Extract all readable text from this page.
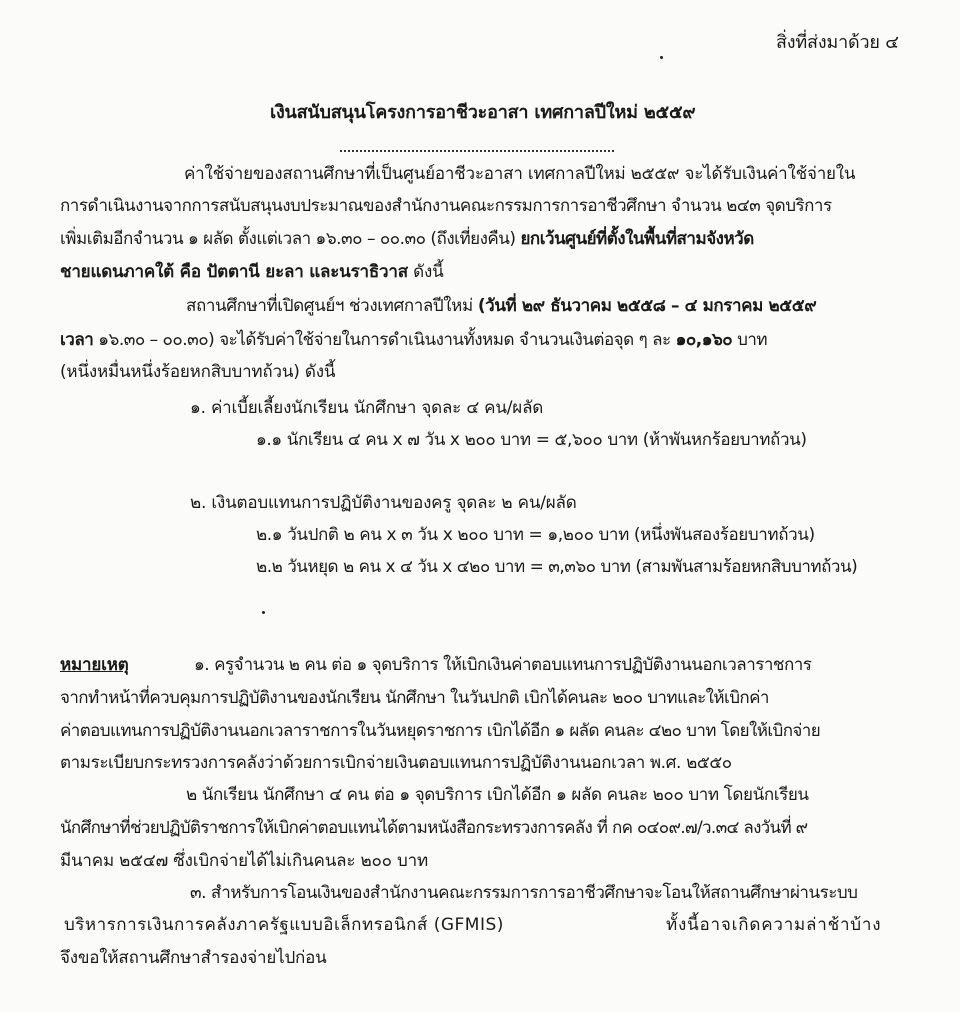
สิ่งที่ส่งมาด้วย ๔
เงินสนับสนุนโครงการอาชีวะอาสา เทศกาลปีใหม่ ๒๕๕๙
ค่าใช้จ่ายของสถานศึกษาที่เป็นศูนย์อาชีวะอาสา เทศกาลปีใหม่ ๒๕๕๙ จะได้รับเงินค่าใช้จ่ายใน
การดำเนินงานจากการสนับสนุนงบประมาณของสำนักงานคณะกรรมการการอาชีวศึกษา จำนวน ๒๔๓ จุดบริการ
เพิ่มเติมอีกจำนวน ๑ ผลัด ตั้งแต่เวลา ๑๖.๓๐ – ๐๐.๓๐ (ถึงเที่ยงคืน) ยกเว้นศูนย์ที่ตั้งในพื้นที่สามจังหวัด
ชายแดนภาคใต้ คือ ปัตตานี ยะลา และนราธิวาส ดังนี้
สถานศึกษาที่เปิดศูนย์ฯ ช่วงเทศกาลปีใหม่ (วันที่ ๒๙ ธันวาคม ๒๕๕๘ – ๔ มกราคม ๒๕๕๙
เวลา ๑๖.๓๐ – ๐๐.๓๐) จะได้รับค่าใช้จ่ายในการดำเนินงานทั้งหมด จำนวนเงินต่อจุด ๆ ละ ๑๐,๑๖๐ บาท
(หนึ่งหมื่นหนึ่งร้อยหกสิบบาทถ้วน) ดังนี้
๑. ค่าเบี้ยเลี้ยงนักเรียน นักศึกษา จุดละ ๔ คน/ผลัด
๑.๑ นักเรียน ๔ คน x ๗ วัน x ๒๐๐ บาท = ๕,๖๐๐ บาท (ห้าพันหกร้อยบาทถ้วน)
๒. เงินตอบแทนการปฏิบัติงานของครู จุดละ ๒ คน/ผลัด
๒.๑ วันปกติ ๒ คน x ๓ วัน x ๒๐๐ บาท = ๑,๒๐๐ บาท (หนึ่งพันสองร้อยบาทถ้วน)
๒.๒ วันหยุด ๒ คน x ๔ วัน x ๔๒๐ บาท = ๓,๓๖๐ บาท (สามพันสามร้อยหกสิบบาทถ้วน)
หมายเหตุ	๑. ครูจำนวน ๒ คน ต่อ ๑ จุดบริการ ให้เบิกเงินค่าตอบแทนการปฏิบัติงานนอกเวลาราชการ
จากทำหน้าที่ควบคุมการปฏิบัติงานของนักเรียน นักศึกษา ในวันปกติ เบิกได้คนละ ๒๐๐ บาทและให้เบิกค่า
ค่าตอบแทนการปฏิบัติงานนอกเวลาราชการในวันหยุดราชการ เบิกได้อีก ๑ ผลัด คนละ ๔๒๐ บาท โดยให้เบิกจ่าย
ตามระเบียบกระทรวงการคลังว่าด้วยการเบิกจ่ายเงินตอบแทนการปฏิบัติงานนอกเวลา พ.ศ. ๒๕๕๐
๒ นักเรียน นักศึกษา ๔ คน ต่อ ๑ จุดบริการ เบิกได้อีก ๑ ผลัด คนละ ๒๐๐ บาท โดยนักเรียน
นักศึกษาที่ช่วยปฏิบัติราชการให้เบิกค่าตอบแทนได้ตามหนังสือกระทรวงการคลัง ที่ กค ๐๔๐๙.๗/ว.๓๔ ลงวันที่ ๙
มีนาคม ๒๕๔๗ ซึ่งเบิกจ่ายได้ไม่เกินคนละ ๒๐๐ บาท
๓. สำหรับการโอนเงินของสำนักงานคณะกรรมการการอาชีวศึกษาจะโอนให้สถานศึกษาผ่านระบบ
บริหารการเงินการคลังภาครัฐแบบอิเล็กทรอนิกส์ (GFMIS)	ทั้งนี้อาจเกิดความล่าช้าบ้าง
จึงขอให้สถานศึกษาสำรองจ่ายไปก่อน
